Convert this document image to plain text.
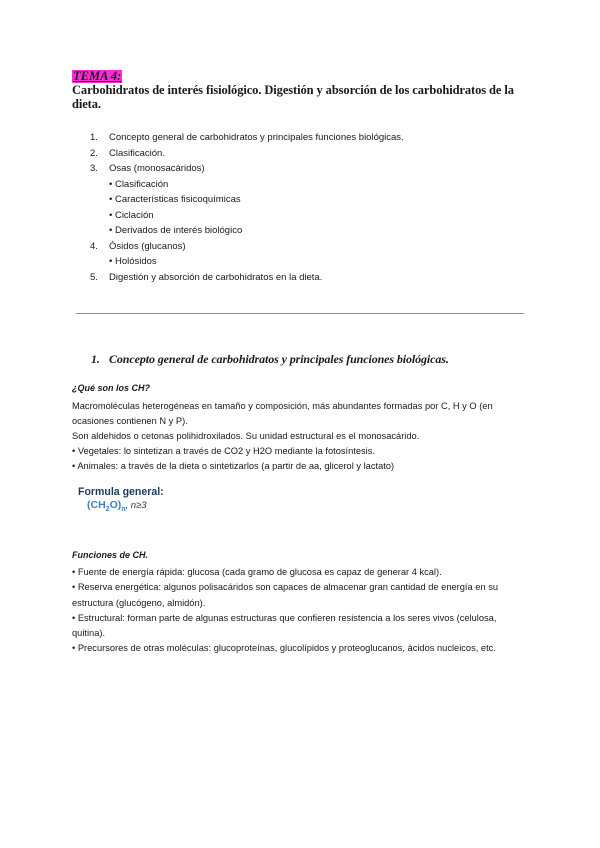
TEMA 4:
Carbohidratos de interés fisiológico. Digestión y absorción de los carbohidratos de la dieta.
1. Concepto general de carbohidratos y principales funciones biológicas.
2. Clasificación.
3. Osas (monosacáridos)
• Clasificación
• Características fisicoquímicas
• Ciclación
• Derivados de interés biológico
4. Ósidos (glucanos)
• Holósidos
5. Digestión y absorción de carbohidratos en la dieta.
1. Concepto general de carbohidratos y principales funciones biológicas.
¿Qué son los CH?

Macromoléculas heterogéneas en tamaño y composición, más abundantes formadas por C, H y O (en ocasiones contienen N y P).

Son aldehidos o cetonas polihidroxilados. Su unidad estructural es el monosacárido.

• Vegetales: lo sintetizan a través de CO2 y H2O mediante la fotosíntesis.

• Animales: a través de la dieta o sintetizarlos (a partir de aa, glicerol y lactato)

Formula general:
$(CH_2O)_n$, n≥3
Funciones de CH.

• Fuente de energía rápida: glucosa (cada gramo de glucosa es capaz de generar 4 kcal).

• Reserva energética: algunos polisacáridos son capaces de almacenar gran cantidad de energía en su estructura (glucógeno, almidón).

• Estructural: forman parte de algunas estructuras que confieren resistencia a los seres vivos (celulosa, quitina).

• Precursores de otras moléculas: glucoproteínas, glucolípidos y proteoglucanos, ácidos nucleicos, etc.
